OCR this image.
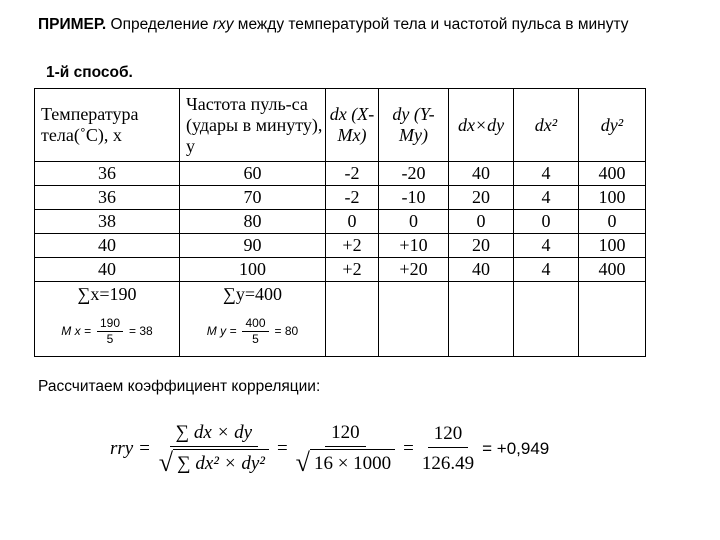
ПРИМЕР. Определение rxy между температурой тела и частотой пульса в минуту
1-й способ.
Температура тела(˚С), x	Частота пуль-са (удары в минуту), y	dx (X-Mx)	dy (Y-My)	dx×dy	dx²	dy²
36	60	-2	-20	40	4	400
36	70	-2	-10	20	4	100
38	80	0	0	0	0	0
40	90	+2	+10	20	4	100
40	100	+2	+20	40	4	400
∑x=190	∑y=400					

M $x = \frac{190}{5} = 38$	M $y = \frac{400}{5} = 80$					
Рассчитаем коэффициент корреляции:
rry = $\frac{\sum dx \times dy}{\text{√ ∑ dx² × dy²}} = \frac{120}{√ 16 \times 1000} = \frac{120}{126.49} = +0,949$
